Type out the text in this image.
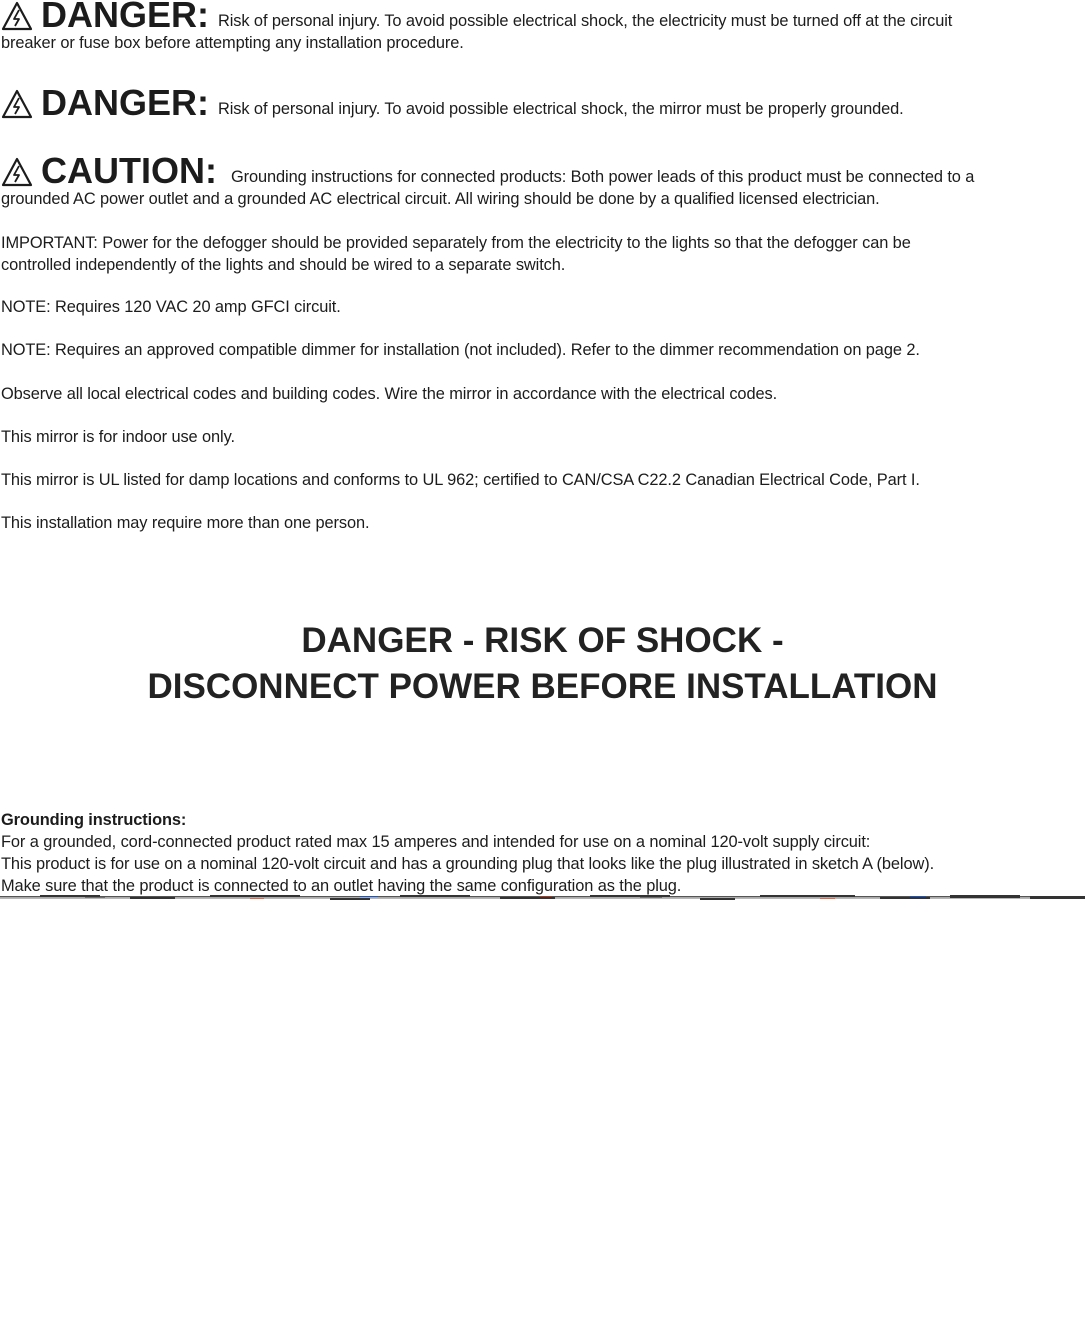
DANGER: Risk of personal injury. To avoid possible electrical shock, the electricity must be turned off at the circuit
breaker or fuse box before attempting any installation procedure.
DANGER: Risk of personal injury. To avoid possible electrical shock, the mirror must be properly grounded.
CAUTION: Grounding instructions for connected products: Both power leads of this product must be connected to a
grounded AC power outlet and a grounded AC electrical circuit. All wiring should be done by a qualified licensed electrician.
IMPORTANT: Power for the defogger should be provided separately from the electricity to the lights so that the defogger can be
controlled independently of the lights and should be wired to a separate switch.
NOTE: Requires 120 VAC 20 amp GFCI circuit.
NOTE: Requires an approved compatible dimmer for installation (not included). Refer to the dimmer recommendation on page 2.
Observe all local electrical codes and building codes. Wire the mirror in accordance with the electrical codes.
This mirror is for indoor use only.
This mirror is UL listed for damp locations and conforms to UL 962; certified to CAN/CSA C22.2 Canadian Electrical Code, Part I.
This installation may require more than one person.
DANGER - RISK OF SHOCK -
DISCONNECT POWER BEFORE INSTALLATION
Grounding instructions:
For a grounded, cord-connected product rated max 15 amperes and intended for use on a nominal 120-volt supply circuit:
This product is for use on a nominal 120-volt circuit and has a grounding plug that looks like the plug illustrated in sketch A (below).
Make sure that the product is connected to an outlet having the same configuration as the plug.
